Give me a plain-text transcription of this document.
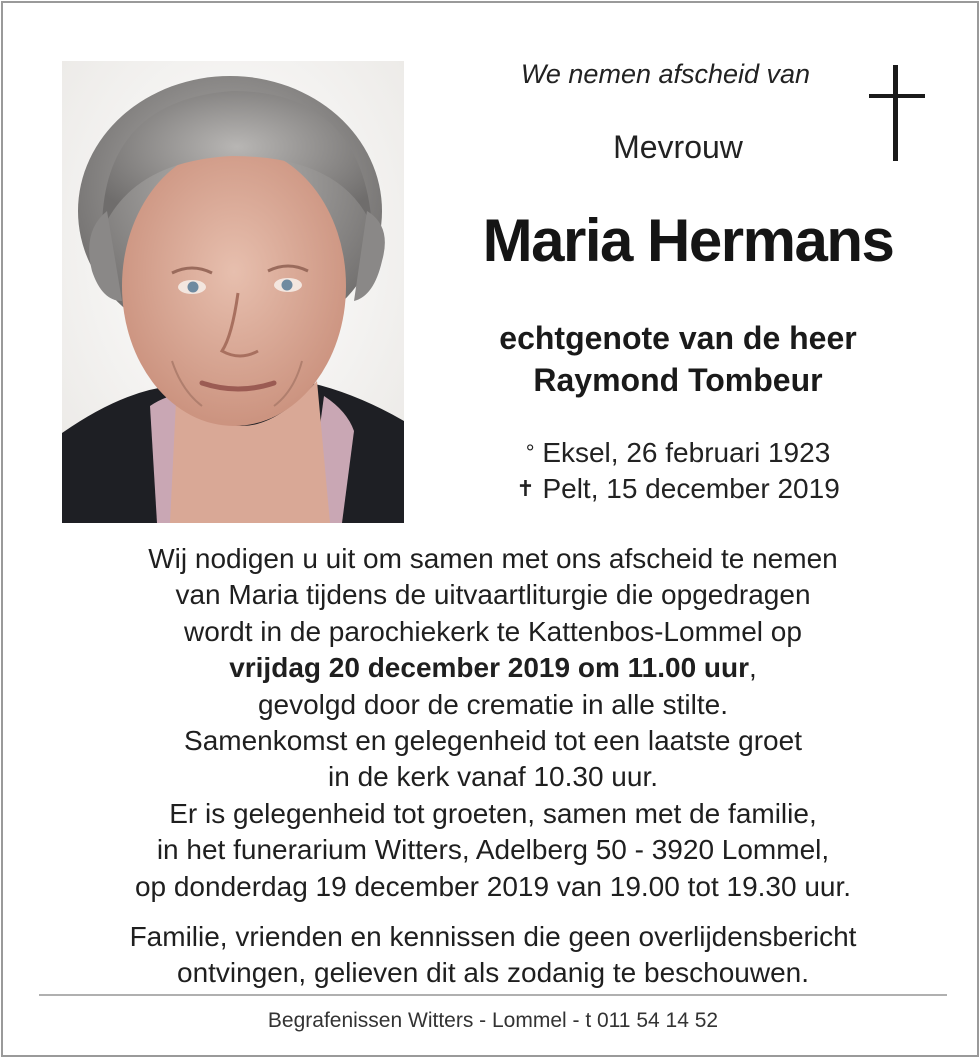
We nemen afscheid van
Mevrouw
Maria Hermans
echtgenote van de heer
Raymond Tombeur
° Eksel, 26 februari 1923
✝ Pelt, 15 december 2019
Wij nodigen u uit om samen met ons afscheid te nemen
van Maria tijdens de uitvaartliturgie die opgedragen
wordt in de parochiekerk te Kattenbos-Lommel op
vrijdag 20 december 2019 om 11.00 uur,
gevolgd door de crematie in alle stilte.
Samenkomst en gelegenheid tot een laatste groet
in de kerk vanaf 10.30 uur.
Er is gelegenheid tot groeten, samen met de familie,
in het funerarium Witters, Adelberg 50 - 3920 Lommel,
op donderdag 19 december 2019 van 19.00 tot 19.30 uur.
Familie, vrienden en kennissen die geen overlijdensbericht
ontvingen, gelieven dit als zodanig te beschouwen.
Begrafenissen Witters - Lommel - t 011 54 14 52
